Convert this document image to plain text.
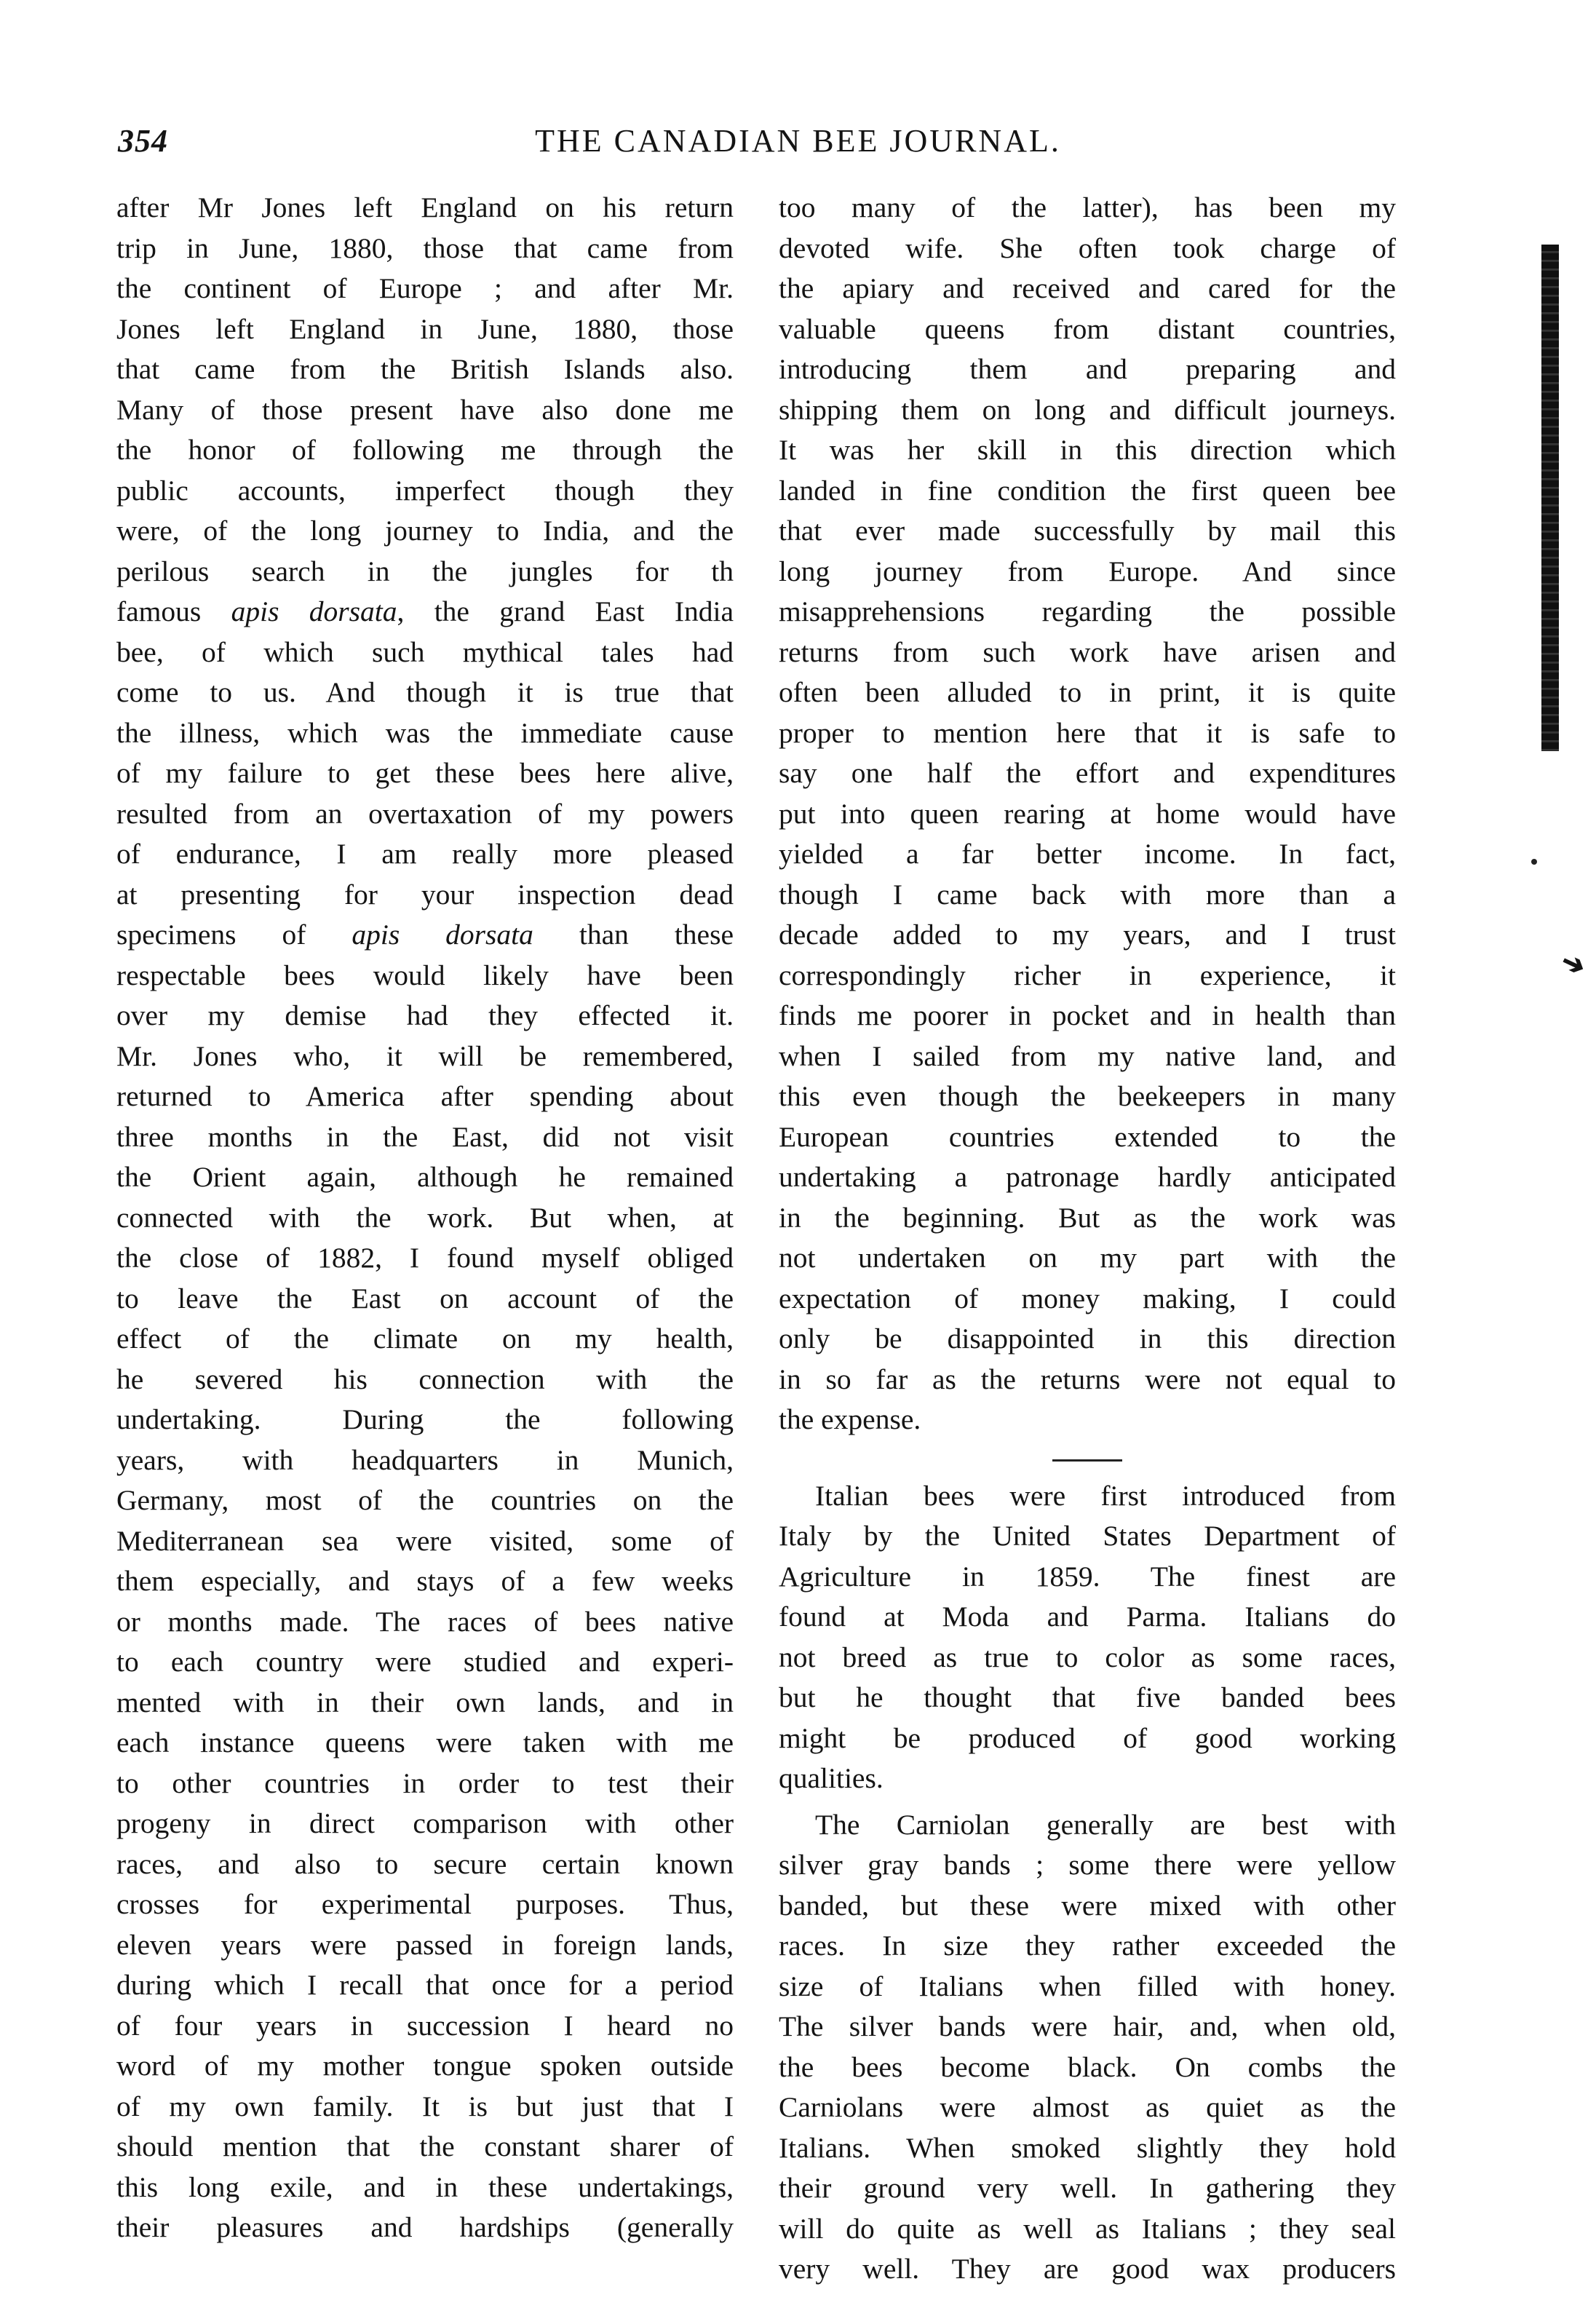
354	THE CANADIAN BEE JOURNAL.

after Mr Jones left England on his return

trip in June, 1880, those that came from

the continent of Europe ; and after Mr.

Jones left England in June, 1880, those

that came from the British Islands also.

Many of those present have also done me

the honor of following me through the

public accounts, imperfect though they

were, of the long journey to India, and the

perilous search in the jungles for th

famous apis dorsata, the grand East India

bee, of which such mythical tales had

come to us. And though it is true that

the illness, which was the immediate cause

of my failure to get these bees here alive,

resulted from an overtaxation of my powers

of endurance, I am really more pleased

at presenting for your inspection dead

specimens of apis dorsata than these

respectable bees would likely have been

over my demise had they effected it.

Mr. Jones who, it will be remembered,

returned to America after spending about

three months in the East, did not visit

the Orient again, although he remained

connected with the work. But when, at

the close of 1882, I found myself obliged

to leave the East on account of the

effect of the climate on my health,

he severed his connection with the

undertaking. During the following

years, with headquarters in Munich,

Germany, most of the countries on the

Mediterranean sea were visited, some of

them especially, and stays of a few weeks

or months made. The races of bees native

to each country were studied and experi-

mented with in their own lands, and in

each instance queens were taken with me

to other countries in order to test their

progeny in direct comparison with other

races, and also to secure certain known

crosses for experimental purposes. Thus,

eleven years were passed in foreign lands,

during which I recall that once for a period

of four years in succession I heard no

word of my mother tongue spoken outside

of my own family. It is but just that I

should mention that the constant sharer of

this long exile, and in these undertakings,

their pleasures and hardships (generally

too many of the latter), has been my

devoted wife. She often took charge of

the apiary and received and cared for the

valuable queens from distant countries,

introducing them and preparing and

shipping them on long and difficult journeys.

It was her skill in this direction which

landed in fine condition the first queen bee

that ever made successfully by mail this

long journey from Europe. And since

misapprehensions regarding the possible

returns from such work have arisen and

often been alluded to in print, it is quite

proper to mention here that it is safe to

say one half the effort and expenditures

put into queen rearing at home would have

yielded a far better income. In fact,

though I came back with more than a

decade added to my years, and I trust

correspondingly richer in experience, it

finds me poorer in pocket and in health than

when I sailed from my native land, and

this even though the beekeepers in many

European countries extended to the

undertaking a patronage hardly anticipated

in the beginning. But as the work was

not undertaken on my part with the

expectation of money making, I could

only be disappointed in this direction

in so far as the returns were not equal to

the expense.

Italian bees were first introduced from

Italy by the United States Department of

Agriculture in 1859. The finest are

found at Moda and Parma. Italians do

not breed as true to color as some races,

but he thought that five banded bees

might be produced of good working

qualities.

The Carniolan generally are best with

silver gray bands ; some there were yellow

banded, but these were mixed with other

races. In size they rather exceeded the

size of Italians when filled with honey.

The silver bands were hair, and, when old,

the bees become black. On combs the

Carniolans were almost as quiet as the

Italians. When smoked slightly they hold

their ground very well. In gathering they

will do quite as well as Italians ; they seal

very well. They are good wax producers

➔
